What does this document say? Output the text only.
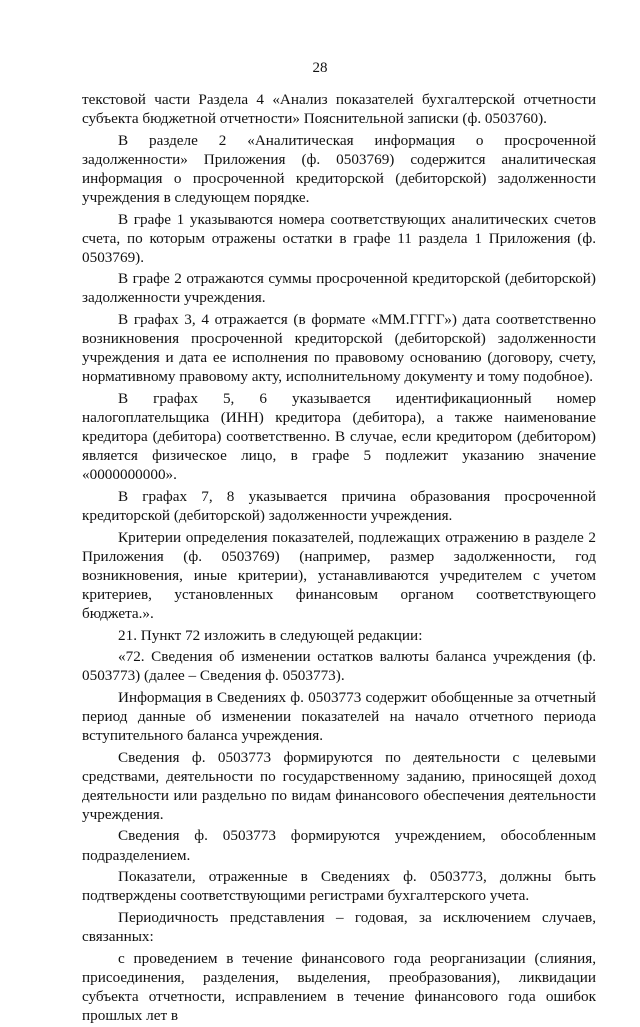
28

текстовой части Раздела 4 «Анализ показателей бухгалтерской отчетности субъекта бюджетной отчетности» Пояснительной записки (ф. 0503760).

В разделе 2 «Аналитическая информация о просроченной задолженности» Приложения (ф. 0503769) содержится аналитическая информация о просроченной кредиторской (дебиторской) задолженности учреждения в следующем порядке.

В графе 1 указываются номера соответствующих аналитических счетов счета, по которым отражены остатки в графе 11 раздела 1 Приложения (ф. 0503769).

В графе 2 отражаются суммы просроченной кредиторской (дебиторской) задолженности учреждения.

В графах 3, 4 отражается (в формате «ММ.ГГГГ») дата соответственно возникновения просроченной кредиторской (дебиторской) задолженности учреждения и дата ее исполнения по правовому основанию (договору, счету, нормативному правовому акту, исполнительному документу и тому подобное).

В графах 5, 6 указывается идентификационный номер налогоплательщика (ИНН) кредитора (дебитора), а также наименование кредитора (дебитора) соответственно. В случае, если кредитором (дебитором) является физическое лицо, в графе 5 подлежит указанию значение «0000000000».

В графах 7, 8 указывается причина образования просроченной кредиторской (дебиторской) задолженности учреждения.

Критерии определения показателей, подлежащих отражению в разделе 2 Приложения (ф. 0503769) (например, размер задолженности, год возникновения, иные критерии), устанавливаются учредителем с учетом критериев, установленных финансовым органом соответствующего бюджета.».

21. Пункт 72 изложить в следующей редакции:

«72. Сведения об изменении остатков валюты баланса учреждения (ф. 0503773) (далее – Сведения ф. 0503773).

Информация в Сведениях ф. 0503773 содержит обобщенные за отчетный период данные об изменении показателей на начало отчетного периода вступительного баланса учреждения.

Сведения ф. 0503773 формируются по деятельности с целевыми средствами, деятельности по государственному заданию, приносящей доход деятельности или раздельно по видам финансового обеспечения деятельности учреждения.

Сведения ф. 0503773 формируются учреждением, обособленным подразделением.

Показатели, отраженные в Сведениях ф. 0503773, должны быть подтверждены соответствующими регистрами бухгалтерского учета.

Периодичность представления – годовая, за исключением случаев, связанных:

с проведением в течение финансового года реорганизации (слияния, присоединения, разделения, выделения, преобразования), ликвидации субъекта отчетности, исправлением в течение финансового года ошибок прошлых лет в
